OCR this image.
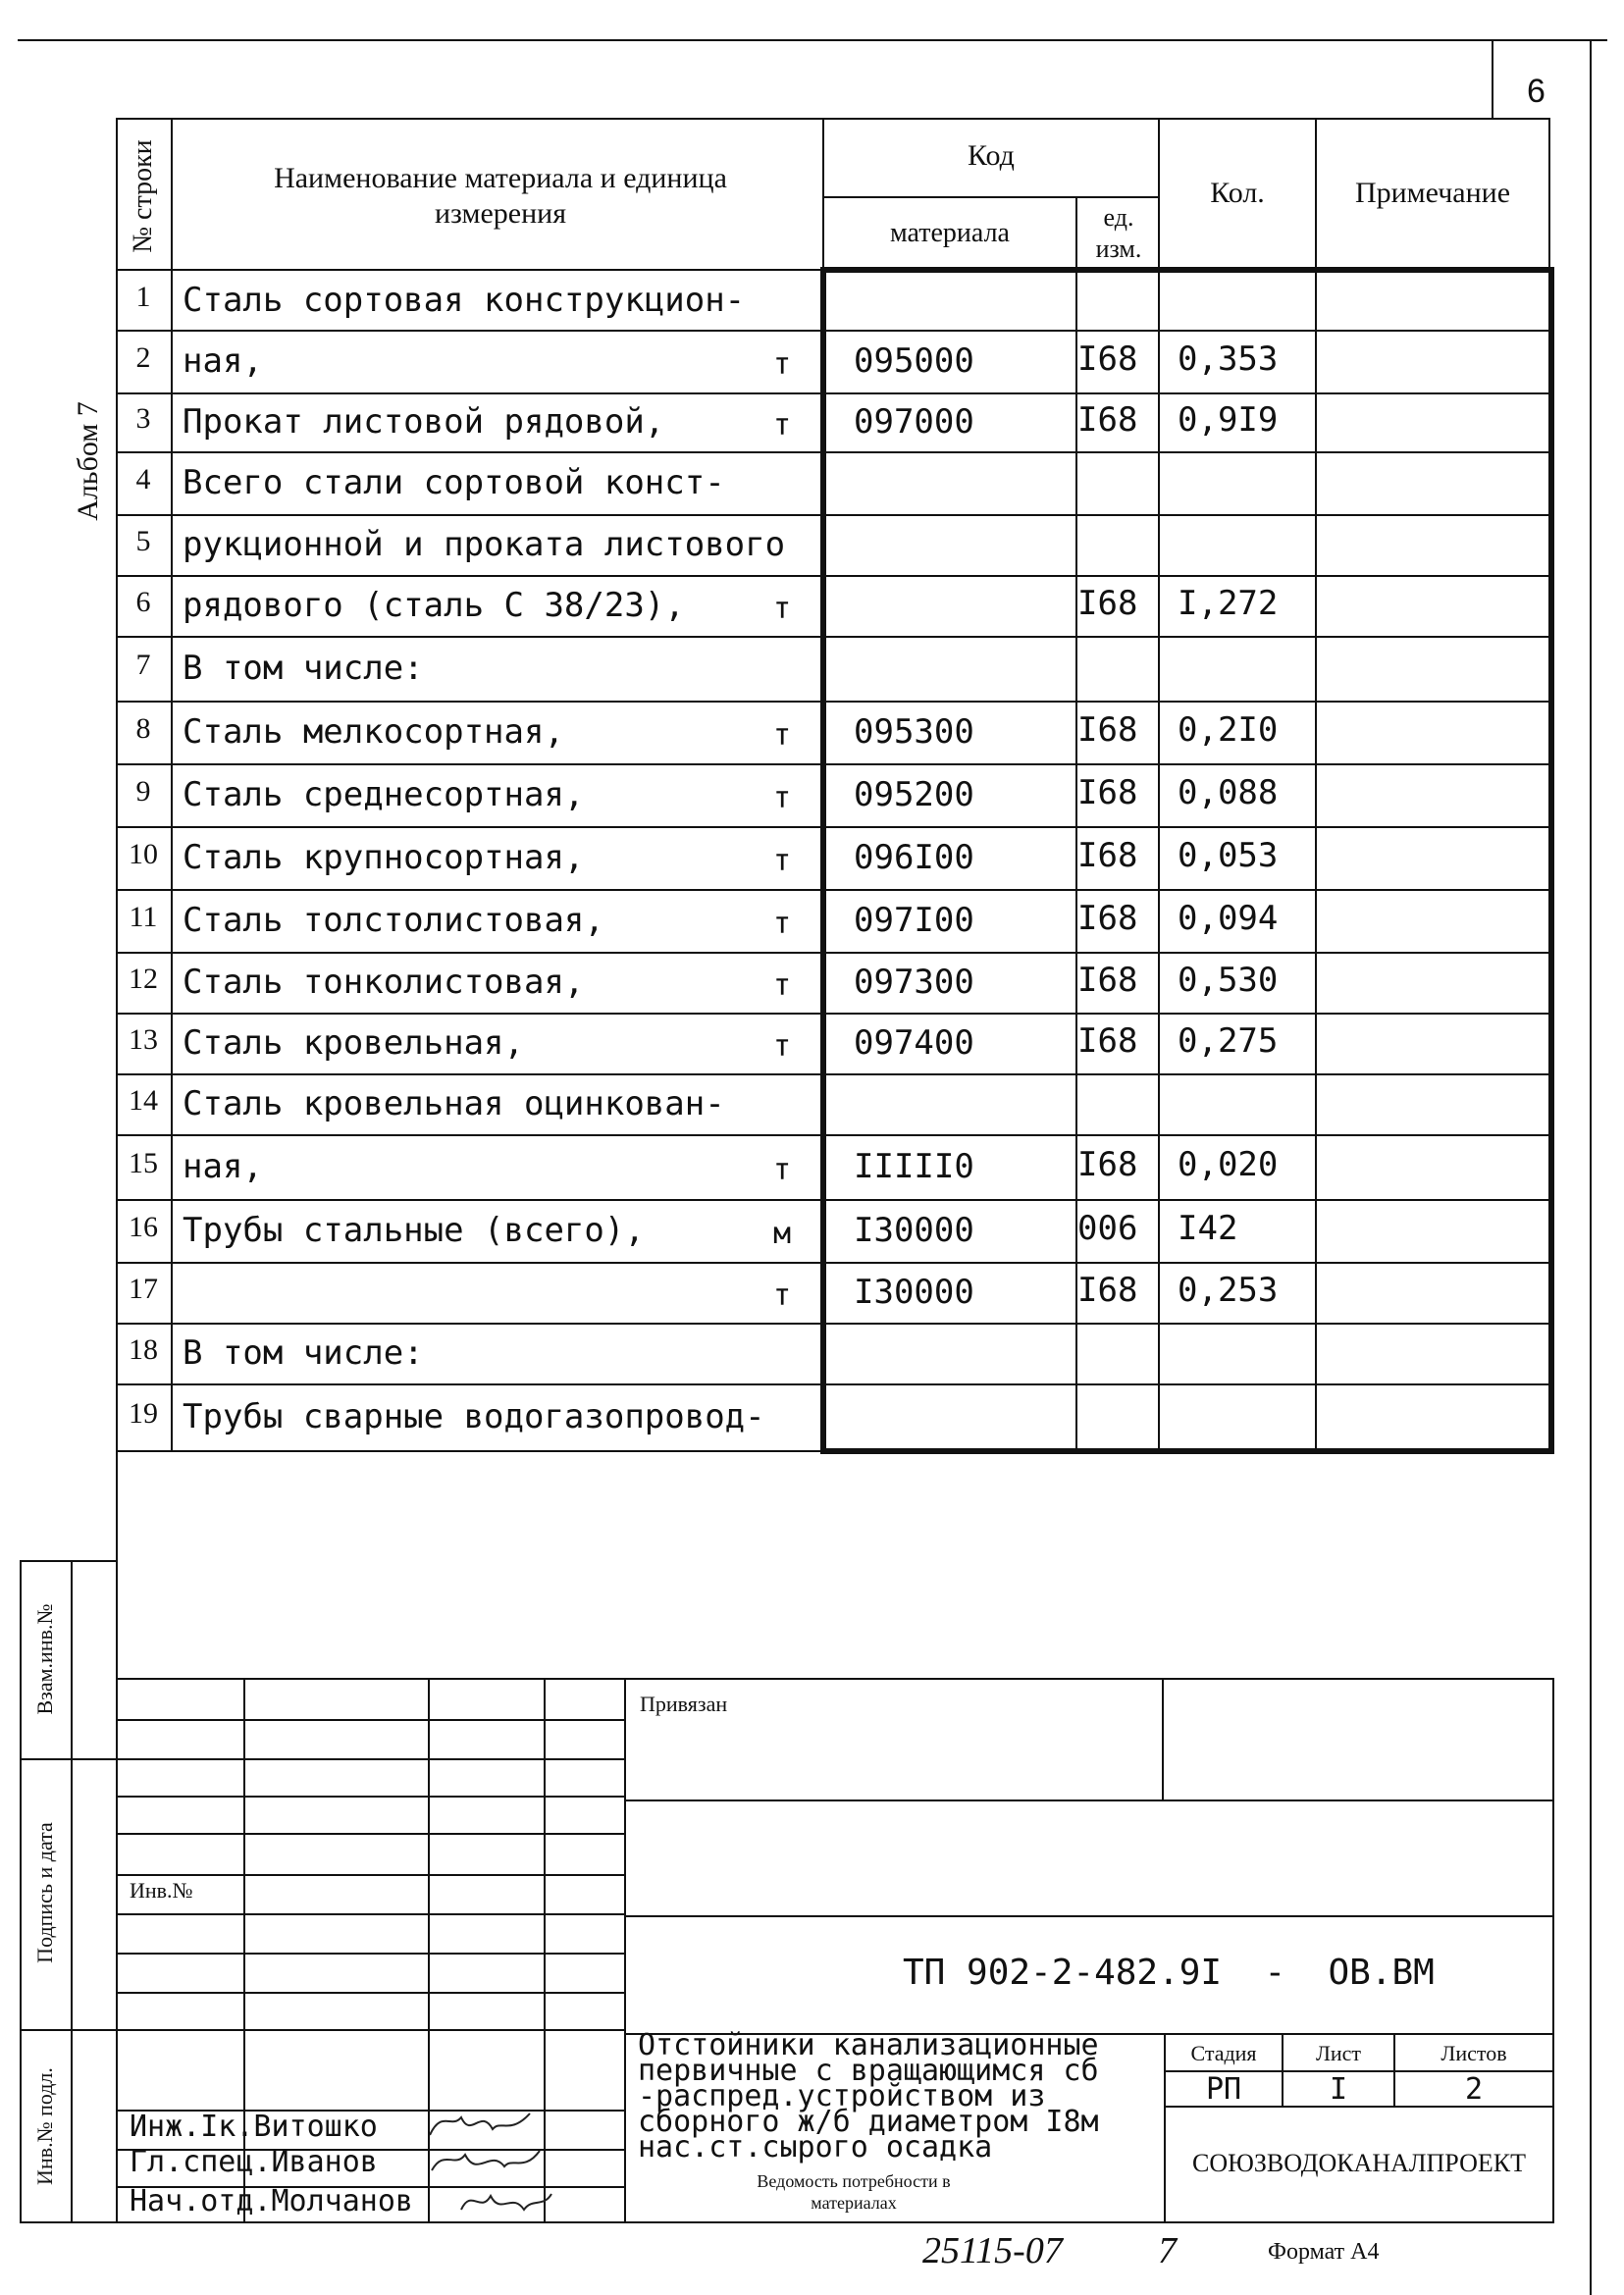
6
Альбом 7
№ строки	Наименование материала и единица измерения
Код
материала
ед. изм.
Кол.	Примечание
1 Сталь сортовая конструкцион-
2 ная,	т 095000	I68 0,353
3 Прокат листовой рядовой,	т 097000	I68 0,9I9
4 Всего стали сортовой конст-
5 рукционной и проката листового
6 рядового (сталь С 38/23),	т	I68 I,272
7 В том числе:
8 Сталь мелкосортная,	т 095300	I68 0,2I0
9 Сталь среднесортная,	т 095200	I68 0,088
10 Сталь крупносортная,	т 096I00	I68 0,053
11 Сталь толстолистовая,	т 097I00	I68 0,094
12 Сталь тонколистовая,	т 097300	I68 0,530
13 Сталь кровельная,	т 097400	I68 0,275
14 Сталь кровельная оцинкован-
15 ная,	т IIIII0	I68 0,020
16 Трубы стальные (всего),	м I30000	006 I42
17	т I30000	I68 0,253
18 В том числе:
19 Трубы сварные водогазопровод-
Взам.инв.№
Подпись и дата
Инв.№ подл.
Инв.№
Привязан
ТП 902-2-482.9I  -  ОВ.ВМ
Отстойники канализационные
первичные с вращающимся сб
-распред.устройством из
сборного ж/б диаметром I8м
нас.ст.сырого осадка
Ведомость потребности в материалах
Стадия	Лист	Листов
РП	I	2
СОЮЗВОДОКАНАЛПРОЕКТ
Инж.Iк.Витошко
Гл.спец.Иванов
Нач.отд.Молчанов
25115-07	7	Формат А4
